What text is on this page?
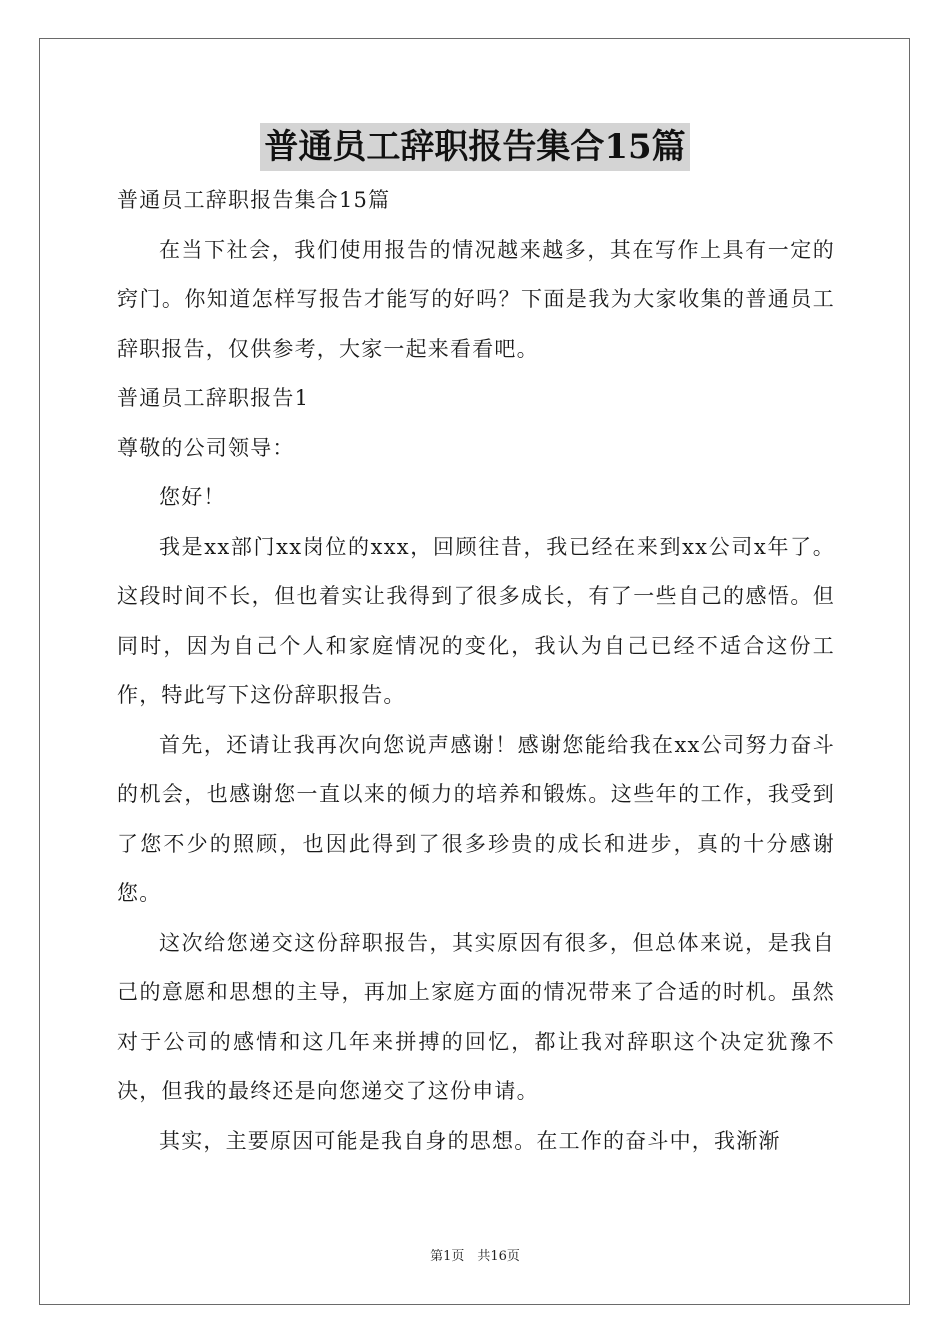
普通员工辞职报告集合15篇

普通员工辞职报告集合15篇

在当下社会，我们使用报告的情况越来越多，其在写作上具有一定的窍门。你知道怎样写报告才能写的好吗？下面是我为大家收集的普通员工辞职报告，仅供参考，大家一起来看看吧。

普通员工辞职报告1

尊敬的公司领导：

您好！

我是xx部门xx岗位的xxx，回顾往昔，我已经在来到xx公司x年了。这段时间不长，但也着实让我得到了很多成长，有了一些自己的感悟。但同时，因为自己个人和家庭情况的变化，我认为自己已经不适合这份工作，特此写下这份辞职报告。

首先，还请让我再次向您说声感谢！感谢您能给我在xx公司努力奋斗的机会，也感谢您一直以来的倾力的培养和锻炼。这些年的工作，我受到了您不少的照顾，也因此得到了很多珍贵的成长和进步，真的十分感谢您。

这次给您递交这份辞职报告，其实原因有很多，但总体来说，是我自己的意愿和思想的主导，再加上家庭方面的情况带来了合适的时机。虽然对于公司的感情和这几年来拼搏的回忆，都让我对辞职这个决定犹豫不决，但我的最终还是向您递交了这份申请。

其实，主要原因可能是我自身的思想。在工作的奋斗中，我渐渐

第1页　共16页
